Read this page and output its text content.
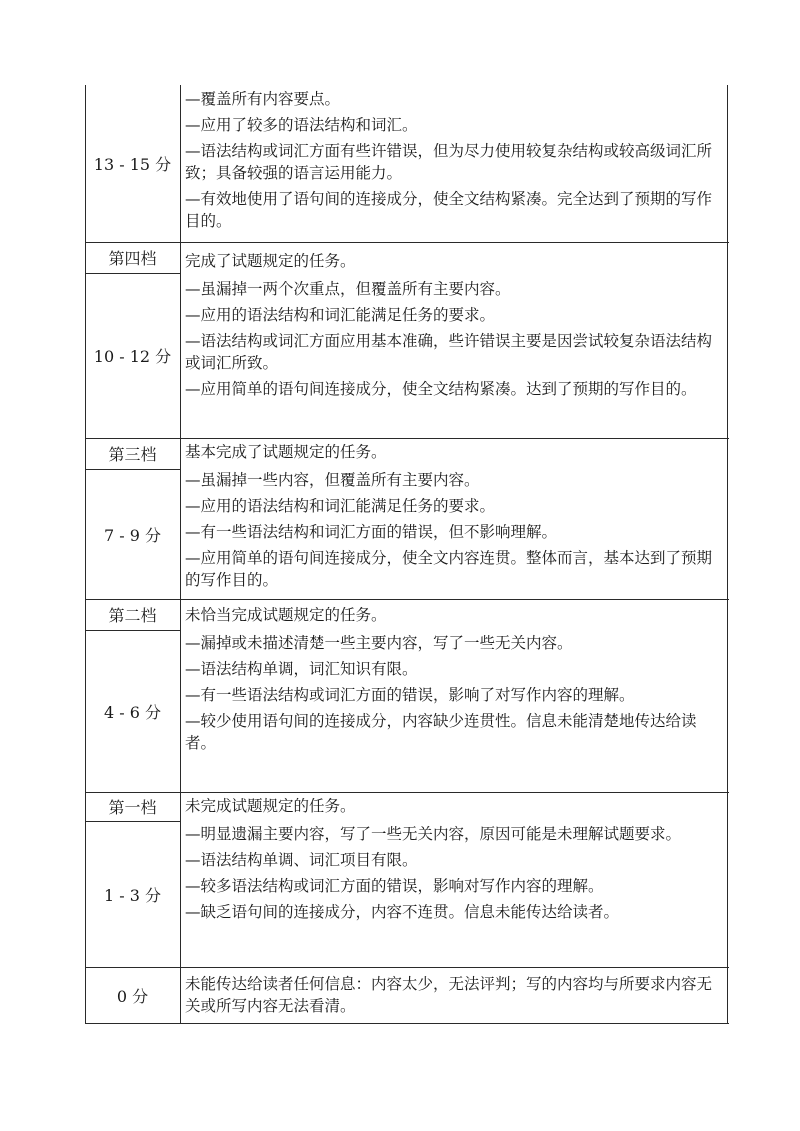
13 - 15 分
—覆盖所有内容要点。
—应用了较多的语法结构和词汇。
—语法结构或词汇方面有些许错误，但为尽力使用较复杂结构或较高级词汇所致；具备较强的语言运用能力。
—有效地使用了语句间的连接成分，使全文结构紧凑。完全达到了预期的写作目的。
第四档
10 - 12 分
完成了试题规定的任务。
—虽漏掉一两个次重点，但覆盖所有主要内容。
—应用的语法结构和词汇能满足任务的要求。
—语法结构或词汇方面应用基本准确，些许错误主要是因尝试较复杂语法结构或词汇所致。
—应用简单的语句间连接成分，使全文结构紧凑。达到了预期的写作目的。
第三档
7 - 9 分
基本完成了试题规定的任务。
—虽漏掉一些内容，但覆盖所有主要内容。
—应用的语法结构和词汇能满足任务的要求。
—有一些语法结构和词汇方面的错误，但不影响理解。
—应用简单的语句间连接成分，使全文内容连贯。整体而言，基本达到了预期的写作目的。
第二档
4 - 6 分
未恰当完成试题规定的任务。
—漏掉或未描述清楚一些主要内容，写了一些无关内容。
—语法结构单调，词汇知识有限。
—有一些语法结构或词汇方面的错误，影响了对写作内容的理解。
—较少使用语句间的连接成分，内容缺少连贯性。信息未能清楚地传达给读者。
第一档
1 - 3 分
未完成试题规定的任务。
—明显遗漏主要内容，写了一些无关内容，原因可能是未理解试题要求。
—语法结构单调、词汇项目有限。
—较多语法结构或词汇方面的错误，影响对写作内容的理解。
—缺乏语句间的连接成分，内容不连贯。信息未能传达给读者。
0 分
未能传达给读者任何信息：内容太少，无法评判；写的内容均与所要求内容无关或所写内容无法看清。
